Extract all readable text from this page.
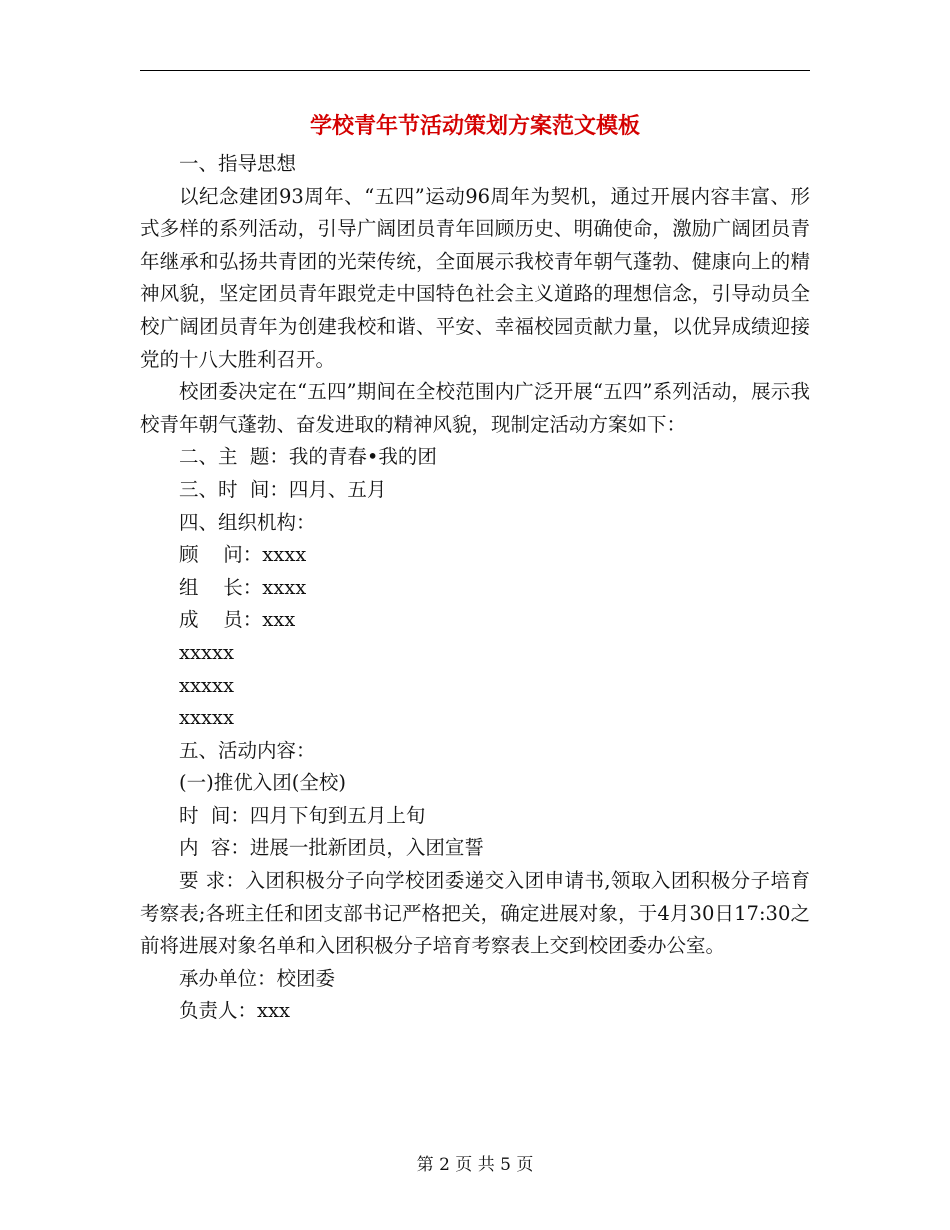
学校青年节活动策划方案范文模板

一、指导思想

以纪念建团93周年、“五四”运动96周年为契机，通过开展内容丰富、形式多样的系列活动，引导广阔团员青年回顾历史、明确使命，激励广阔团员青年继承和弘扬共青团的光荣传统，全面展示我校青年朝气蓬勃、健康向上的精神风貌，坚定团员青年跟党走中国特色社会主义道路的理想信念，引导动员全校广阔团员青年为创建我校和谐、平安、幸福校园贡献力量，以优异成绩迎接党的十八大胜利召开。

校团委决定在“五四”期间在全校范围内广泛开展“五四”系列活动，展示我校青年朝气蓬勃、奋发进取的精神风貌，现制定活动方案如下：

二、主  题：我的青春•我的团

三、时  间：四月、五月

四、组织机构：

顾    问：xxxx

组    长：xxxx

成    员：xxx

xxxxx

xxxxx

xxxxx

五、活动内容：

(一)推优入团(全校)

时  间：四月下旬到五月上旬

内  容：进展一批新团员，入团宣誓

要 求：入团积极分子向学校团委递交入团申请书,领取入团积极分子培育考察表;各班主任和团支部书记严格把关，确定进展对象，于4月30日17:30之前将进展对象名单和入团积极分子培育考察表上交到校团委办公室。

承办单位：校团委

负责人：xxx

第 2 页 共 5 页
